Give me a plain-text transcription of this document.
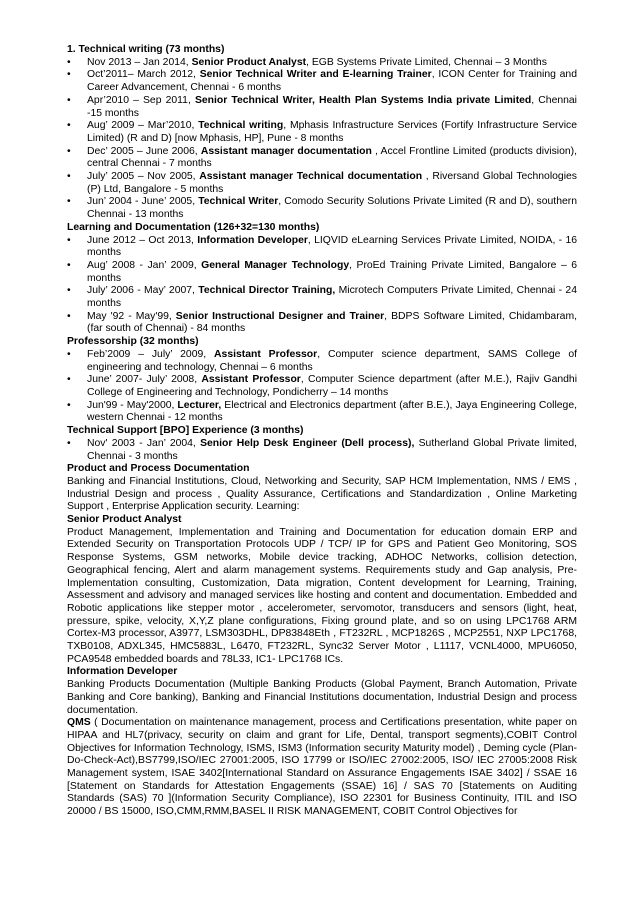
1. Technical writing (73 months)
• Nov 2013 – Jan 2014, Senior Product Analyst, EGB Systems Private Limited, Chennai – 3 Months
• Oct’2011– March 2012, Senior Technical Writer and E-learning Trainer, ICON Center for Training and Career Advancement, Chennai - 6 months
• Apr’2010 – Sep 2011, Senior Technical Writer, Health Plan Systems India private Limited, Chennai -15 months
• Aug’ 2009 – Mar’2010, Technical writing, Mphasis Infrastructure Services (Fortify Infrastructure Service Limited) (R and D) [now Mphasis, HP], Pune - 8 months
• Dec’ 2005 – June 2006, Assistant manager documentation , Accel Frontline Limited (products division), central Chennai - 7 months
• July’ 2005 – Nov 2005, Assistant manager Technical documentation , Riversand Global Technologies (P) Ltd, Bangalore - 5 months
• Jun’ 2004 - June’ 2005, Technical Writer, Comodo Security Solutions Private Limited (R and D), southern Chennai - 13 months
Learning and Documentation (126+32=130 months)
• June 2012 – Oct 2013, Information Developer, LIQVID eLearning Services Private Limited, NOIDA, - 16 months
• Aug’ 2008 - Jan’ 2009, General Manager Technology, ProEd Training Private Limited, Bangalore – 6 months
• July’ 2006 - May’ 2007, Technical Director Training, Microtech Computers Private Limited, Chennai - 24 months
• May '92 - May'99, Senior Instructional Designer and Trainer, BDPS Software Limited, Chidambaram, (far south of Chennai) - 84 months
Professorship (32 months)
• Feb’2009 – July’ 2009, Assistant Professor, Computer science department, SAMS College of engineering and technology, Chennai – 6 months
• June’ 2007- July’ 2008, Assistant Professor, Computer Science department (after M.E.), Rajiv Gandhi College of Engineering and Technology, Pondicherry – 14 months
• Jun'99 - May'2000, Lecturer, Electrical and Electronics department (after B.E.), Jaya Engineering College, western Chennai - 12 months
Technical Support [BPO] Experience (3 months)
• Nov' 2003 - Jan’ 2004, Senior Help Desk Engineer (Dell process), Sutherland Global Private limited, Chennai - 3 months
Product and Process Documentation

Banking and Financial Institutions, Cloud, Networking and Security, SAP HCM Implementation, NMS / EMS , Industrial Design and process , Quality Assurance, Certifications and Standardization , Online Marketing Support , Enterprise Application security. Learning:

Senior Product Analyst

Product Management, Implementation and Training and Documentation for education domain ERP and Extended Security on Transportation Protocols UDP / TCP/ IP for GPS and Patient Geo Monitoring, SOS Response Systems, GSM networks, Mobile device tracking, ADHOC Networks, collision detection, Geographical fencing, Alert and alarm management systems. Requirements study and Gap analysis, Pre-Implementation consulting, Customization, Data migration, Content development for Learning, Training, Assessment and advisory and managed services like hosting and content and documentation. Embedded and Robotic applications like stepper motor , accelerometer, servomotor, transducers and sensors (light, heat, pressure, spike, velocity, X,Y,Z plane configurations, Fixing ground plate, and so on using LPC1768 ARM Cortex-M3 processor, A3977, LSM303DHL, DP83848Eth , FT232RL , MCP1826S , MCP2551, NXP LPC1768, TXB0108, ADXL345, HMC5883L, L6470, FT232RL, Sync32 Server Motor , L1117, VCNL4000, MPU6050, PCA9548 embedded boards and 78L33, IC1- LPC1768 ICs.

Information Developer

Banking Products Documentation (Multiple Banking Products (Global Payment, Branch Automation, Private Banking and Core banking), Banking and Financial Institutions documentation, Industrial Design and process documentation.

QMS ( Documentation on maintenance management, process and Certifications presentation, white paper on HIPAA and HL7(privacy, security on claim and grant for Life, Dental, transport segments),COBIT Control Objectives for Information Technology, ISMS, ISM3 (Information security Maturity model) , Deming cycle (Plan-Do-Check-Act),BS7799,ISO/IEC 27001:2005, ISO 17799 or ISO/IEC 27002:2005, ISO/ IEC 27005:2008 Risk Management system, ISAE 3402[International Standard on Assurance Engagements ISAE 3402] / SSAE 16 [Statement on Standards for Attestation Engagements (SSAE) 16] / SAS 70 [Statements on Auditing Standards (SAS) 70 ](Information Security Compliance), ISO 22301 for Business Continuity, ITIL and ISO 20000 / BS 15000, ISO,CMM,RMM,BASEL II RISK MANAGEMENT, COBIT Control Objectives for
